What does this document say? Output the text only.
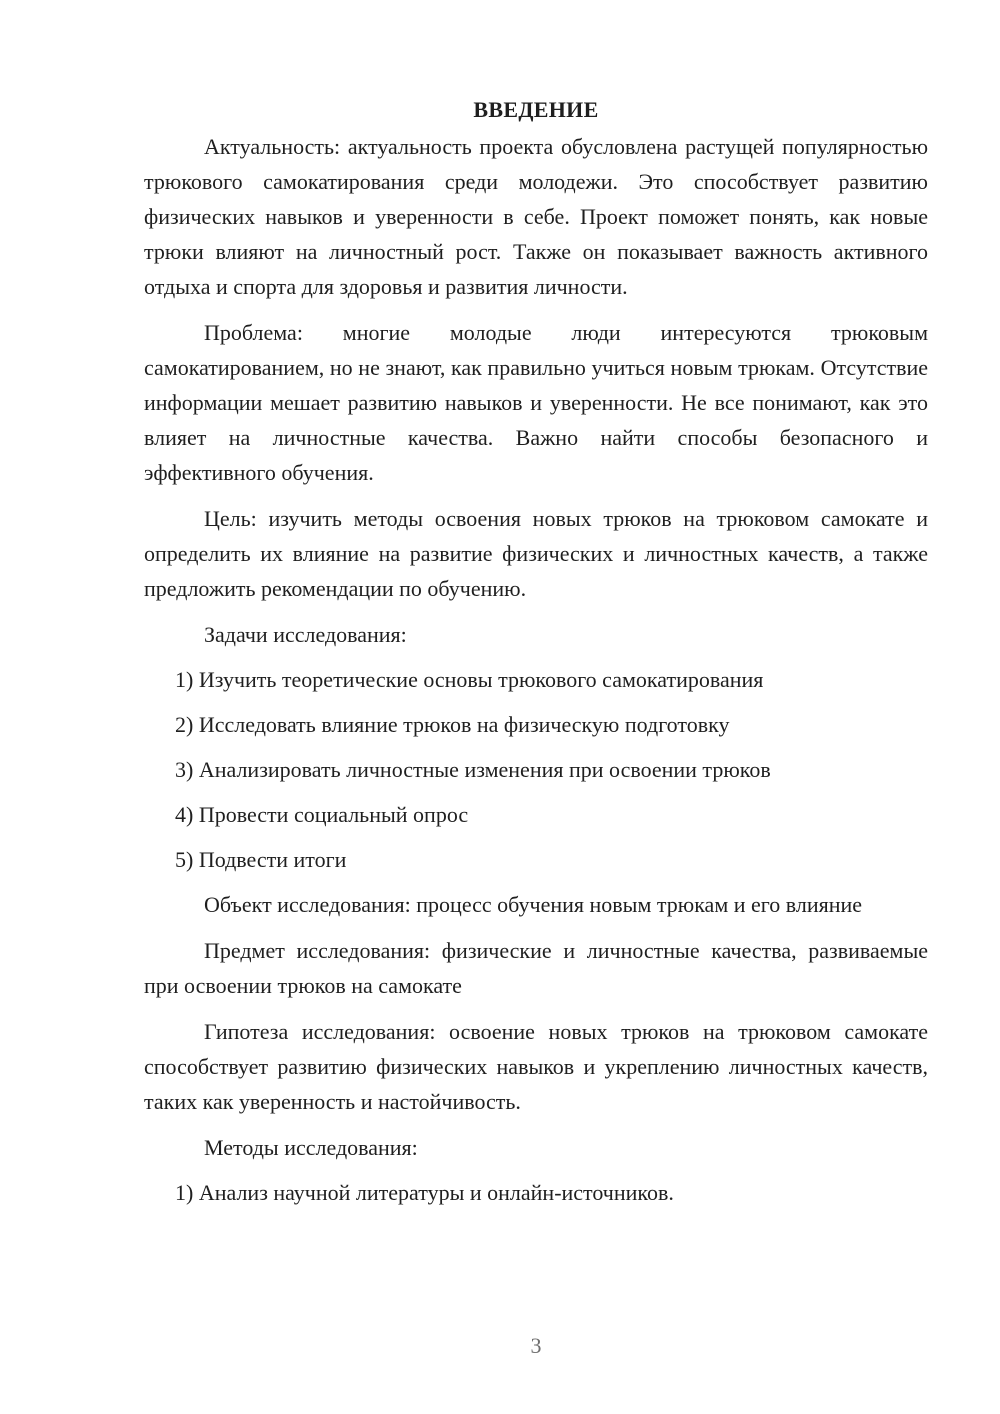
ВВЕДЕНИЕ

Актуальность: актуальность проекта обусловлена растущей популярностью трюкового самокатирования среди молодежи. Это способствует развитию физических навыков и уверенности в себе. Проект поможет понять, как новые трюки влияют на личностный рост. Также он показывает важность активного отдыха и спорта для здоровья и развития личности.

Проблема: многие молодые люди интересуются трюковым самокатированием, но не знают, как правильно учиться новым трюкам. Отсутствие информации мешает развитию навыков и уверенности. Не все понимают, как это влияет на личностные качества. Важно найти способы безопасного и эффективного обучения.

Цель: изучить методы освоения новых трюков на трюковом самокате и определить их влияние на развитие физических и личностных качеств, а также предложить рекомендации по обучению.

Задачи исследования:

1) Изучить теоретические основы трюкового самокатирования
2) Исследовать влияние трюков на физическую подготовку
3) Анализировать личностные изменения при освоении трюков
4) Провести социальный опрос
5) Подвести итоги

Объект исследования: процесс обучения новым трюкам и его влияние

Предмет исследования: физические и личностные качества, развиваемые при освоении трюков на самокате

Гипотеза исследования: освоение новых трюков на трюковом самокате способствует развитию физических навыков и укреплению личностных качеств, таких как уверенность и настойчивость.

Методы исследования:

1) Анализ научной литературы и онлайн-источников.
3
